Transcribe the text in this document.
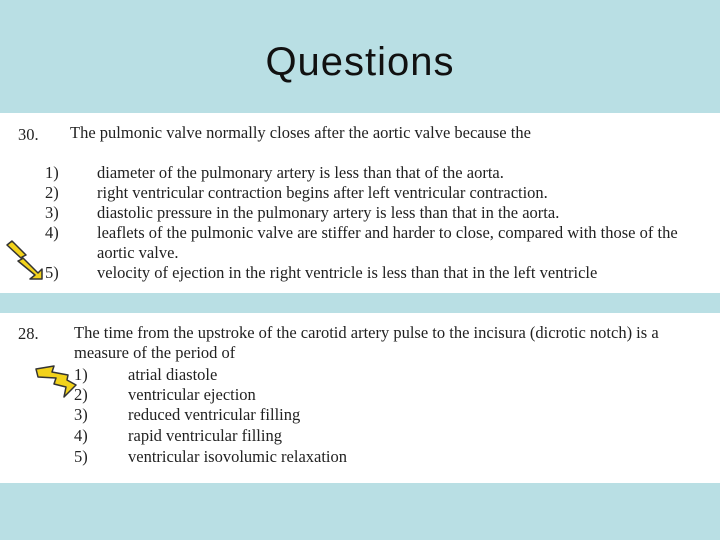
Questions
30. The pulmonic valve normally closes after the aortic valve because the
1) diameter of the pulmonary artery is less than that of the aorta.
2) right ventricular contraction begins after left ventricular contraction.
3) diastolic pressure in the pulmonary artery is less than that in the aorta.
4) leaflets of the pulmonic valve are stiffer and harder to close, compared with those of the
aortic valve.
5) velocity of ejection in the right ventricle is less than that in the left ventricle
28. The time from the upstroke of the carotid artery pulse to the incisura (dicrotic notch) is a
measure of the period of
1) atrial diastole
2) ventricular ejection
3) reduced ventricular filling
4) rapid ventricular filling
5) ventricular isovolumic relaxation
